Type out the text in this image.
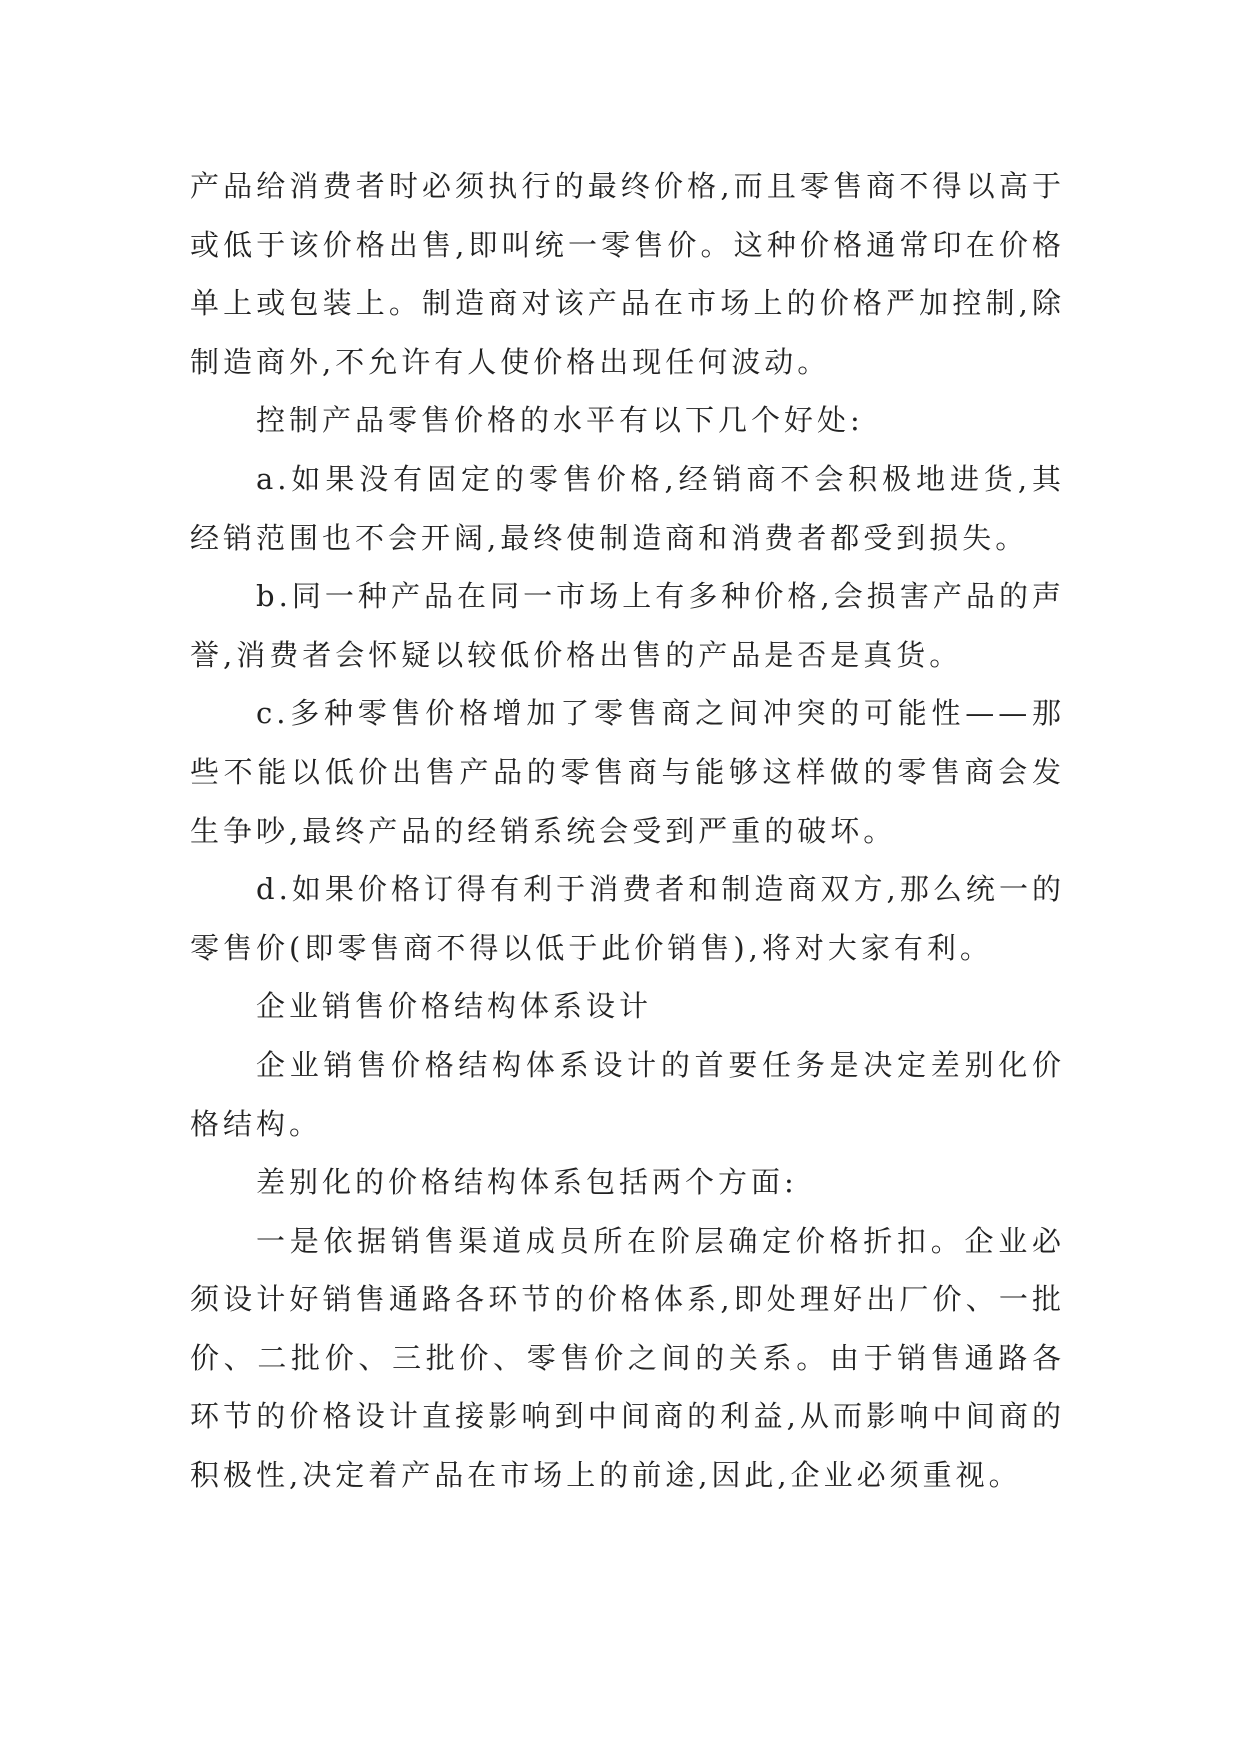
产品给消费者时必须执行的最终价格,而且零售商不得以高于或低于该价格出售,即叫统一零售价。这种价格通常印在价格单上或包装上。制造商对该产品在市场上的价格严加控制,除制造商外,不允许有人使价格出现任何波动。

控制产品零售价格的水平有以下几个好处:

a.如果没有固定的零售价格,经销商不会积极地进货,其经销范围也不会开阔,最终使制造商和消费者都受到损失。

b.同一种产品在同一市场上有多种价格,会损害产品的声誉,消费者会怀疑以较低价格出售的产品是否是真货。

c.多种零售价格增加了零售商之间冲突的可能性——那些不能以低价出售产品的零售商与能够这样做的零售商会发生争吵,最终产品的经销系统会受到严重的破坏。

d.如果价格订得有利于消费者和制造商双方,那么统一的零售价(即零售商不得以低于此价销售),将对大家有利。

企业销售价格结构体系设计

企业销售价格结构体系设计的首要任务是决定差别化价格结构。

差别化的价格结构体系包括两个方面:

一是依据销售渠道成员所在阶层确定价格折扣。企业必须设计好销售通路各环节的价格体系,即处理好出厂价、一批价、二批价、三批价、零售价之间的关系。由于销售通路各环节的价格设计直接影响到中间商的利益,从而影响中间商的积极性,决定着产品在市场上的前途,因此,企业必须重视。
